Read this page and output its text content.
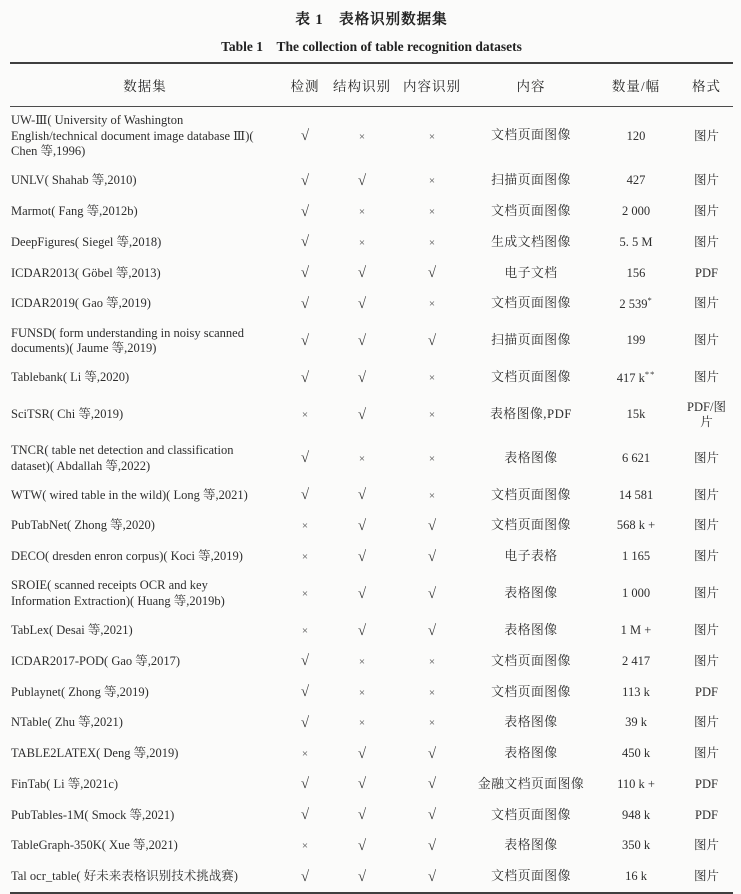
表 1　表格识别数据集
Table 1　The collection of table recognition datasets
数据集	检测	结构识别	内容识别	内容	数量/幅	格式
UW-Ⅲ( University of Washington English/technical document image database Ⅲ)( Chen 等,1996)	√	×	×	文档页面图像	120	图片
UNLV( Shahab 等,2010)	√	√	×	扫描页面图像	427	图片
Marmot( Fang 等,2012b)	√	×	×	文档页面图像	2 000	图片
DeepFigures( Siegel 等,2018)	√	×	×	生成文档图像	5. 5 M	图片
ICDAR2013( Göbel 等,2013)	√	√	√	电子文档	156	PDF
ICDAR2019( Gao 等,2019)	√	√	×	文档页面图像	2 539*	图片
FUNSD( form understanding in noisy scanned documents)( Jaume 等,2019)	√	√	√	扫描页面图像	199	图片
Tablebank( Li 等,2020)	√	√	×	文档页面图像	417 k**	图片
SciTSR( Chi 等,2019)	×	√	×	表格图像,PDF	15k	PDF/图片
TNCR( table net detection and classification dataset)( Abdallah 等,2022)	√	×	×	表格图像	6 621	图片
WTW( wired table in the wild)( Long 等,2021)	√	√	×	文档页面图像	14 581	图片
PubTabNet( Zhong 等,2020)	×	√	√	文档页面图像	568 k +	图片
DECO( dresden enron corpus)( Koci 等,2019)	×	√	√	电子表格	1 165	图片
SROIE( scanned receipts OCR and key Information Extraction)( Huang 等,2019b)	×	√	√	表格图像	1 000	图片
TabLex( Desai 等,2021)	×	√	√	表格图像	1 M +	图片
ICDAR2017-POD( Gao 等,2017)	√	×	×	文档页面图像	2 417	图片
Publaynet( Zhong 等,2019)	√	×	×	文档页面图像	113 k	PDF
NTable( Zhu 等,2021)	√	×	×	表格图像	39 k	图片
TABLE2LATEX( Deng 等,2019)	×	√	√	表格图像	450 k	图片
FinTab( Li 等,2021c)	√	√	√	金融文档页面图像	110 k +	PDF
PubTables-1M( Smock 等,2021)	√	√	√	文档页面图像	948 k	PDF
TableGraph-350K( Xue 等,2021)	×	√	√	表格图像	350 k	图片
Tal ocr_table( 好未来表格识别技术挑战赛)	√	√	√	文档页面图像	16 k	图片
